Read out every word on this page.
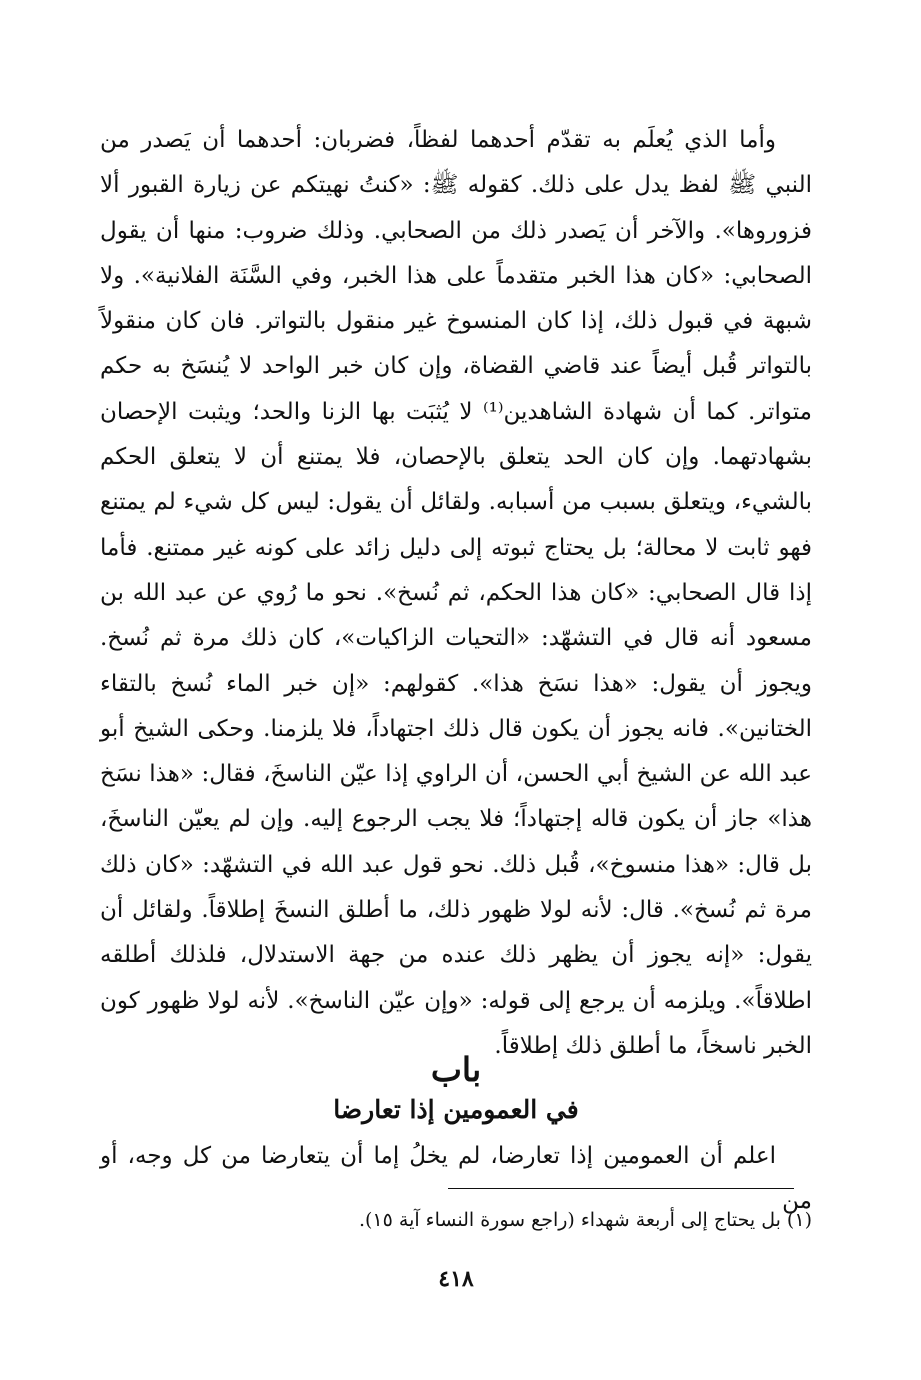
وأما الذي يُعلَم به تقدّم أحدهما لفظاً، فضربان: أحدهما أن يَصدر من النبي ﷺ لفظ يدل على ذلك. كقوله ﷺ: «كنتُ نهيتكم عن زيارة القبور ألا فزوروها». والآخر أن يَصدر ذلك من الصحابي. وذلك ضروب: منها أن يقول الصحابي: «كان هذا الخبر متقدماً على هذا الخبر، وفي السَّنَة الفلانية». ولا شبهة في قبول ذلك، إذا كان المنسوخ غير منقول بالتواتر. فان كان منقولاً بالتواتر قُبل أيضاً عند قاضي القضاة، وإن كان خبر الواحد لا يُنسَخ به حكم متواتر. كما أن شهادة الشاهدين⁽¹⁾ لا يُثبَت بها الزنا والحد؛ ويثبت الإحصان بشهادتهما. وإن كان الحد يتعلق بالإحصان، فلا يمتنع أن لا يتعلق الحكم بالشيء، ويتعلق بسبب من أسبابه. ولقائل أن يقول: ليس كل شيء لم يمتنع فهو ثابت لا محالة؛ بل يحتاج ثبوته إلى دليل زائد على كونه غير ممتنع. فأما إذا قال الصحابي: «كان هذا الحكم، ثم نُسخ». نحو ما رُوي عن عبد الله بن مسعود أنه قال في التشهّد: «التحيات الزاكيات»، كان ذلك مرة ثم نُسخ. ويجوز أن يقول: «هذا نسَخ هذا». كقولهم: «إن خبر الماء نُسخ بالتقاء الختانين». فانه يجوز أن يكون قال ذلك اجتهاداً، فلا يلزمنا. وحكى الشيخ أبو عبد الله عن الشيخ أبي الحسن، أن الراوي إذا عيّن الناسخَ، فقال: «هذا نسَخ هذا» جاز أن يكون قاله إجتهاداً؛ فلا يجب الرجوع إليه. وإن لم يعيّن الناسخَ، بل قال: «هذا منسوخ»، قُبل ذلك. نحو قول عبد الله في التشهّد: «كان ذلك مرة ثم نُسخ». قال: لأنه لولا ظهور ذلك، ما أطلق النسخَ إطلاقاً. ولقائل أن يقول: «إنه يجوز أن يظهر ذلك عنده من جهة الاستدلال، فلذلك أطلقه اطلاقاً». ويلزمه أن يرجع إلى قوله: «وإن عيّن الناسخ». لأنه لولا ظهور كون الخبر ناسخاً، ما أطلق ذلك إطلاقاً.

باب
في العمومين إذا تعارضا

اعلم أن العمومين إذا تعارضا، لم يخلُ إما أن يتعارضا من كل وجه، أو من

(١) بل يحتاج إلى أربعة شهداء (راجع سورة النساء آية ١٥).

٤١٨
